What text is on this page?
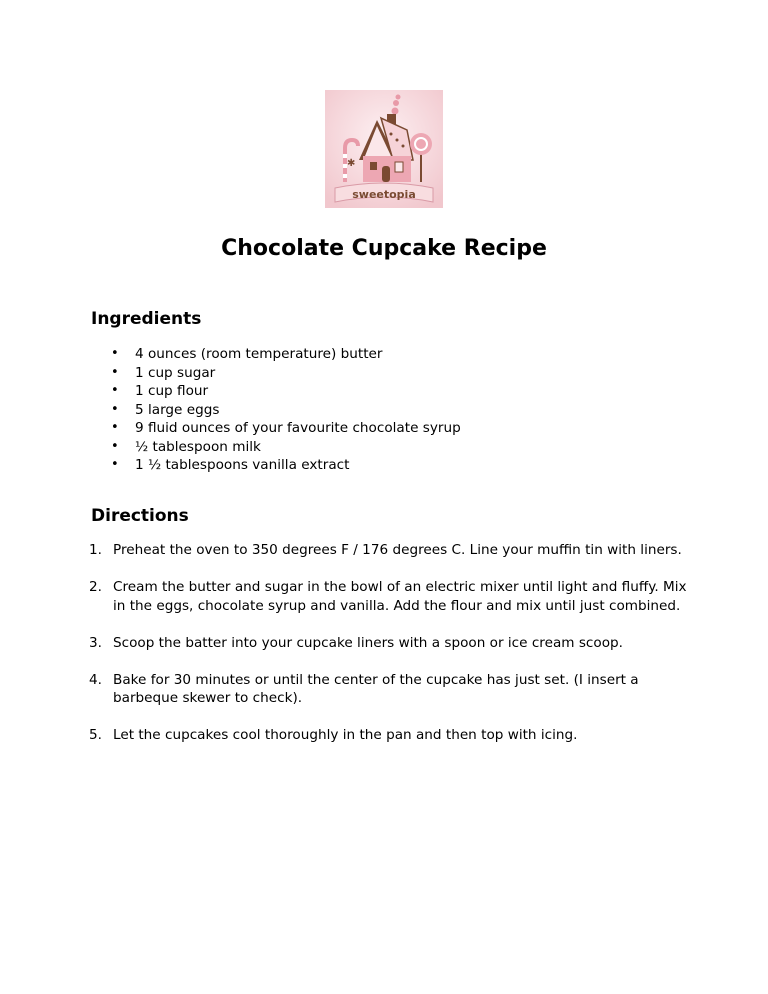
✱
sweetopia
Chocolate Cupcake Recipe
Ingredients
• 4 ounces (room temperature) butter
• 1 cup sugar
• 1 cup flour
• 5 large eggs
• 9 fluid ounces of your favourite chocolate syrup
• ½ tablespoon milk
• 1 ½ tablespoons vanilla extract
Directions
1. Preheat the oven to 350 degrees F / 176 degrees C. Line your muffin tin with liners.
2. Cream the butter and sugar in the bowl of an electric mixer until light and fluffy. Mix in the eggs, chocolate syrup and vanilla. Add the flour and mix until just combined.
3. Scoop the batter into your cupcake liners with a spoon or ice cream scoop.
4. Bake for 30 minutes or until the center of the cupcake has just set. (I insert a barbeque skewer to check).
5. Let the cupcakes cool thoroughly in the pan and then top with icing.
